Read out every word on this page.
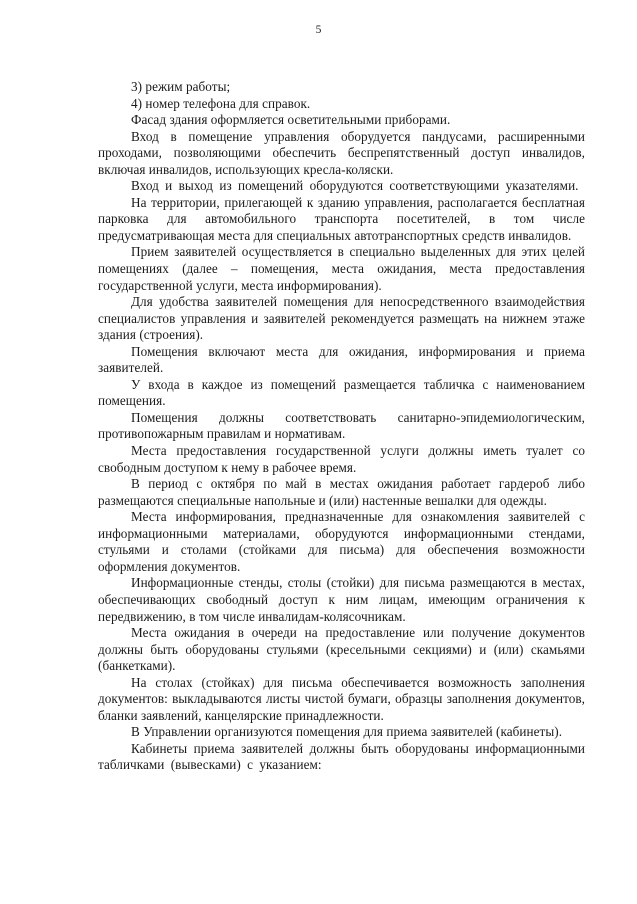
5

3) режим работы;

4) номер телефона для справок.

Фасад здания оформляется осветительными приборами.

Вход в помещение управления оборудуется пандусами, расширенными проходами, позволяющими обеспечить беспрепятственный доступ инвалидов, включая инвалидов, использующих кресла-коляски.

Вход и выход из помещений оборудуются соответствующими указателями.

На территории, прилегающей к зданию управления, располагается бесплатная парковка для автомобильного транспорта посетителей, в том числе предусматривающая места для специальных автотранспортных средств инвалидов.

Прием заявителей осуществляется в специально выделенных для этих целей помещениях (далее – помещения, места ожидания, места предоставления государственной услуги, места информирования).

Для удобства заявителей помещения для непосредственного взаимодействия специалистов управления и заявителей рекомендуется размещать на нижнем этаже здания (строения).

Помещения включают места для ожидания, информирования и приема заявителей.

У входа в каждое из помещений размещается табличка с наименованием помещения.

Помещения должны соответствовать санитарно-эпидемиологическим, противопожарным правилам и нормативам.

Места предоставления государственной услуги должны иметь туалет со свободным доступом к нему в рабочее время.

В период с октября по май в местах ожидания работает гардероб либо размещаются специальные напольные и (или) настенные вешалки для одежды.

Места информирования, предназначенные для ознакомления заявителей с информационными материалами, оборудуются информационными стендами, стульями и столами (стойками для письма) для обеспечения возможности оформления документов.

Информационные стенды, столы (стойки) для письма размещаются в местах, обеспечивающих свободный доступ к ним лицам, имеющим ограничения к передвижению, в том числе инвалидам-колясочникам.

Места ожидания в очереди на предоставление или получение документов должны быть оборудованы стульями (кресельными секциями) и (или) скамьями (банкетками).

На столах (стойках) для письма обеспечивается возможность заполнения документов: выкладываются листы чистой бумаги, образцы заполнения документов, бланки заявлений, канцелярские принадлежности.

В Управлении организуются помещения для приема заявителей (кабинеты).

Кабинеты приема заявителей должны быть оборудованы информационными табличками (вывесками) с указанием:
